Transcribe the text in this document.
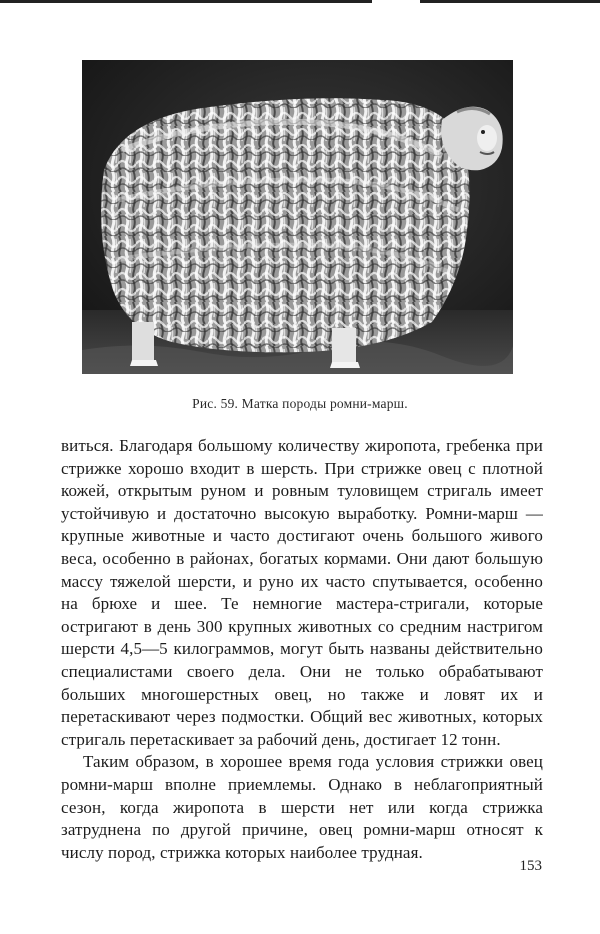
Рис. 59. Матка породы ромни-марш.

виться. Благодаря большому количеству жиропота, гребенка при стрижке хорошо входит в шерсть. При стрижке овец с плотной кожей, открытым руном и ровным туловищем стригаль имеет устойчивую и достаточно высокую выработку. Ромни-марш — крупные животные и часто достигают очень большого живого веса, особенно в районах, богатых кормами. Они дают большую массу тяжелой шерсти, и руно их часто спутывается, особенно на брюхе и шее. Те немногие мастера-стригали, которые остригают в день 300 крупных животных со средним настригом шерсти 4,5—5 килограммов, могут быть названы действительно специалистами своего дела. Они не только обрабатывают больших многошерстных овец, но также и ловят их и перетаскивают через подмостки. Общий вес животных, которых стригаль перетаскивает за рабочий день, достигает 12 тонн.

Таким образом, в хорошее время года условия стрижки овец ромни-марш вполне приемлемы. Однако в неблагоприятный сезон, когда жиропота в шерсти нет или когда стрижка затруднена по другой причине, овец ромни-марш относят к числу пород, стрижка которых наиболее трудная.

153
